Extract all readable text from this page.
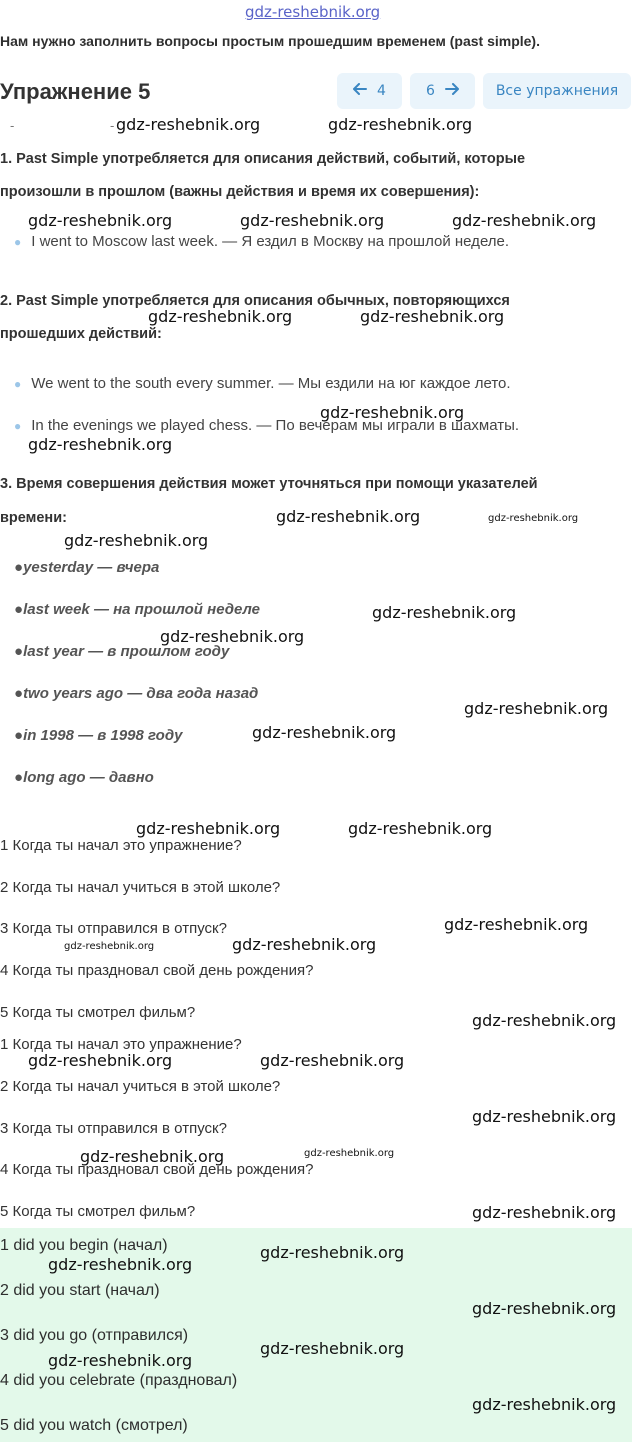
gdz-reshebnik.org
Нам нужно заполнить вопросы простым прошедшим временем (past simple).
Упражнение 5	4	6	Все упражнения
-	-
1. Past Simple употребляется для описания действий, событий, которые
произошли в прошлом (важны действия и время их совершения):
● I went to Moscow last week. — Я ездил в Москву на прошлой неделе.
2. Past Simple употребляется для описания обычных, повторяющихся
прошедших действий:
● We went to the south every summer. — Мы ездили на юг каждое лето.
● In the evenings we played chess. — По вечерам мы играли в шахматы.
3. Время совершения действия может уточняться при помощи указателей
времени:
●yesterday — вчера
●last week — на прошлой неделе
●last year — в прошлом году
●two years ago — два года назад
●in 1998 — в 1998 году
●long ago — давно
1 Когда ты начал это упражнение?
2 Когда ты начал учиться в этой школе?
3 Когда ты отправился в отпуск?
4 Когда ты праздновал свой день рождения?
5 Когда ты смотрел фильм?
1 Когда ты начал это упражнение?
2 Когда ты начал учиться в этой школе?
3 Когда ты отправился в отпуск?
4 Когда ты праздновал свой день рождения?
5 Когда ты смотрел фильм?
1 did you begin (начал)
2 did you start (начал)
3 did you go (отправился)
4 did you celebrate (праздновал)
5 did you watch (смотрел)
gdz-reshebnik.org	gdz-reshebnik.org
gdz-reshebnik.org	gdz-reshebnik.org	gdz-reshebnik.org
gdz-reshebnik.org	gdz-reshebnik.org
gdz-reshebnik.org
gdz-reshebnik.org
gdz-reshebnik.org	gdz-reshebnik.org
gdz-reshebnik.org
gdz-reshebnik.org
gdz-reshebnik.org
gdz-reshebnik.org
gdz-reshebnik.org
gdz-reshebnik.org	gdz-reshebnik.org
gdz-reshebnik.org
gdz-reshebnik.org	gdz-reshebnik.org
gdz-reshebnik.org
gdz-reshebnik.org	gdz-reshebnik.org
gdz-reshebnik.org
gdz-reshebnik.org	gdz-reshebnik.org
gdz-reshebnik.org
gdz-reshebnik.org
gdz-reshebnik.org
gdz-reshebnik.org
gdz-reshebnik.org
gdz-reshebnik.org
gdz-reshebnik.org
